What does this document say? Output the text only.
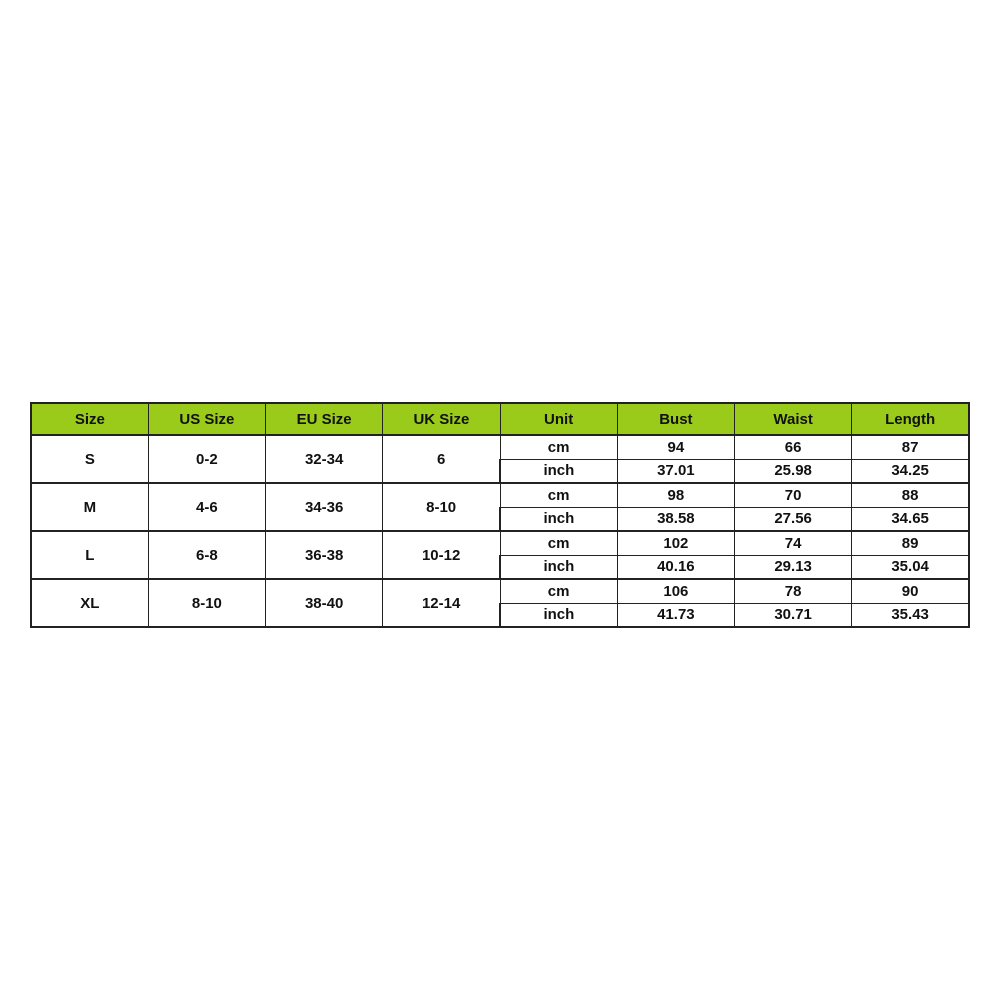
Size	US Size	EU Size	UK Size	Unit	Bust	Waist	Length
S	0-2	32-34	6	cm	94	66	87
				inch	37.01	25.98	34.25
M	4-6	34-36	8-10	cm	98	70	88
				inch	38.58	27.56	34.65
L	6-8	36-38	10-12	cm	102	74	89
				inch	40.16	29.13	35.04
XL	8-10	38-40	12-14	cm	106	78	90
				inch	41.73	30.71	35.43
